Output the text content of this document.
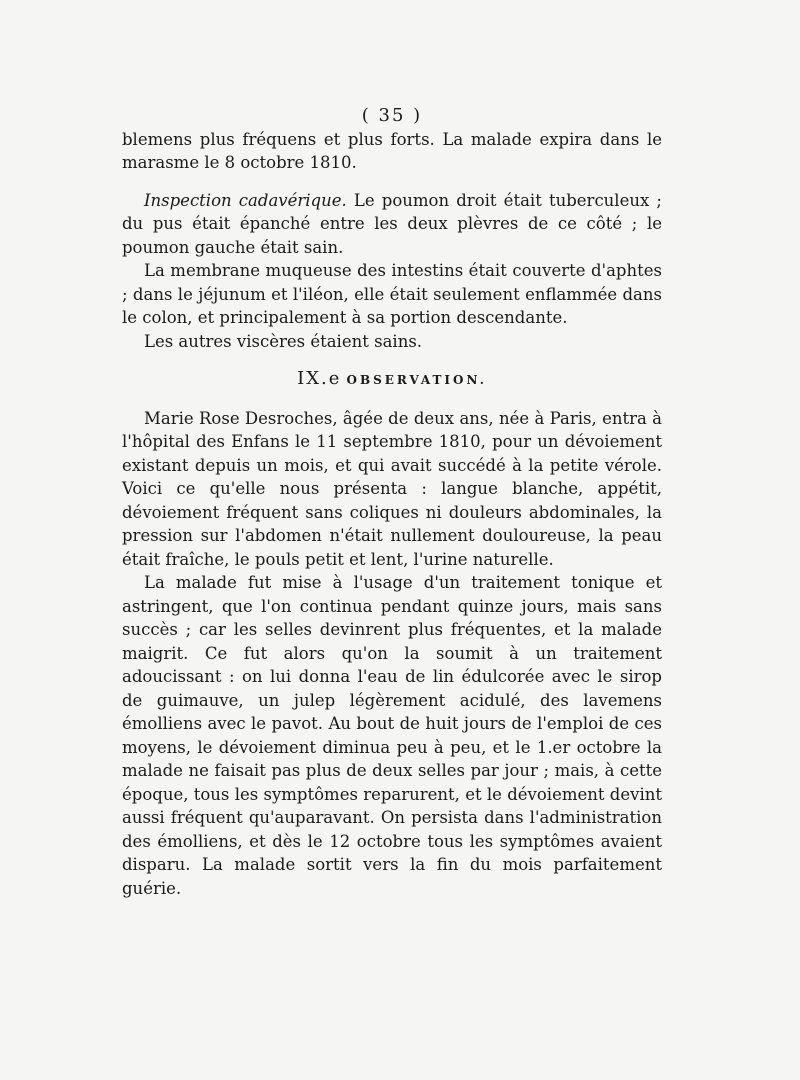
( 35 )

blemens plus fréquens et plus forts. La malade expira dans le marasme le 8 octobre 1810.

Inspection cadavérique. Le poumon droit était tuberculeux ; du pus était épanché entre les deux plèvres de ce côté ; le poumon gauche était sain.

La membrane muqueuse des intestins était couverte d'aphtes ; dans le jéjunum et l'iléon, elle était seulement enflammée dans le colon, et principalement à sa portion descendante.

Les autres viscères étaient sains.

IX.e OBSERVATION.

Marie Rose Desroches, âgée de deux ans, née à Paris, entra à l'hôpital des Enfans le 11 septembre 1810, pour un dévoiement existant depuis un mois, et qui avait succédé à la petite vérole. Voici ce qu'elle nous présenta : langue blanche, appétit, dévoiement fréquent sans coliques ni douleurs abdominales, la pression sur l'abdomen n'était nullement douloureuse, la peau était fraîche, le pouls petit et lent, l'urine naturelle.

La malade fut mise à l'usage d'un traitement tonique et astringent, que l'on continua pendant quinze jours, mais sans succès ; car les selles devinrent plus fréquentes, et la malade maigrit. Ce fut alors qu'on la soumit à un traitement adoucissant : on lui donna l'eau de lin édulcorée avec le sirop de guimauve, un julep légèrement acidulé, des lavemens émolliens avec le pavot. Au bout de huit jours de l'emploi de ces moyens, le dévoiement diminua peu à peu, et le 1.er octobre la malade ne faisait pas plus de deux selles par jour ; mais, à cette époque, tous les symptômes reparurent, et le dévoiement devint aussi fréquent qu'auparavant. On persista dans l'administration des émolliens, et dès le 12 octobre tous les symptômes avaient disparu. La malade sortit vers la fin du mois parfaitement guérie.
